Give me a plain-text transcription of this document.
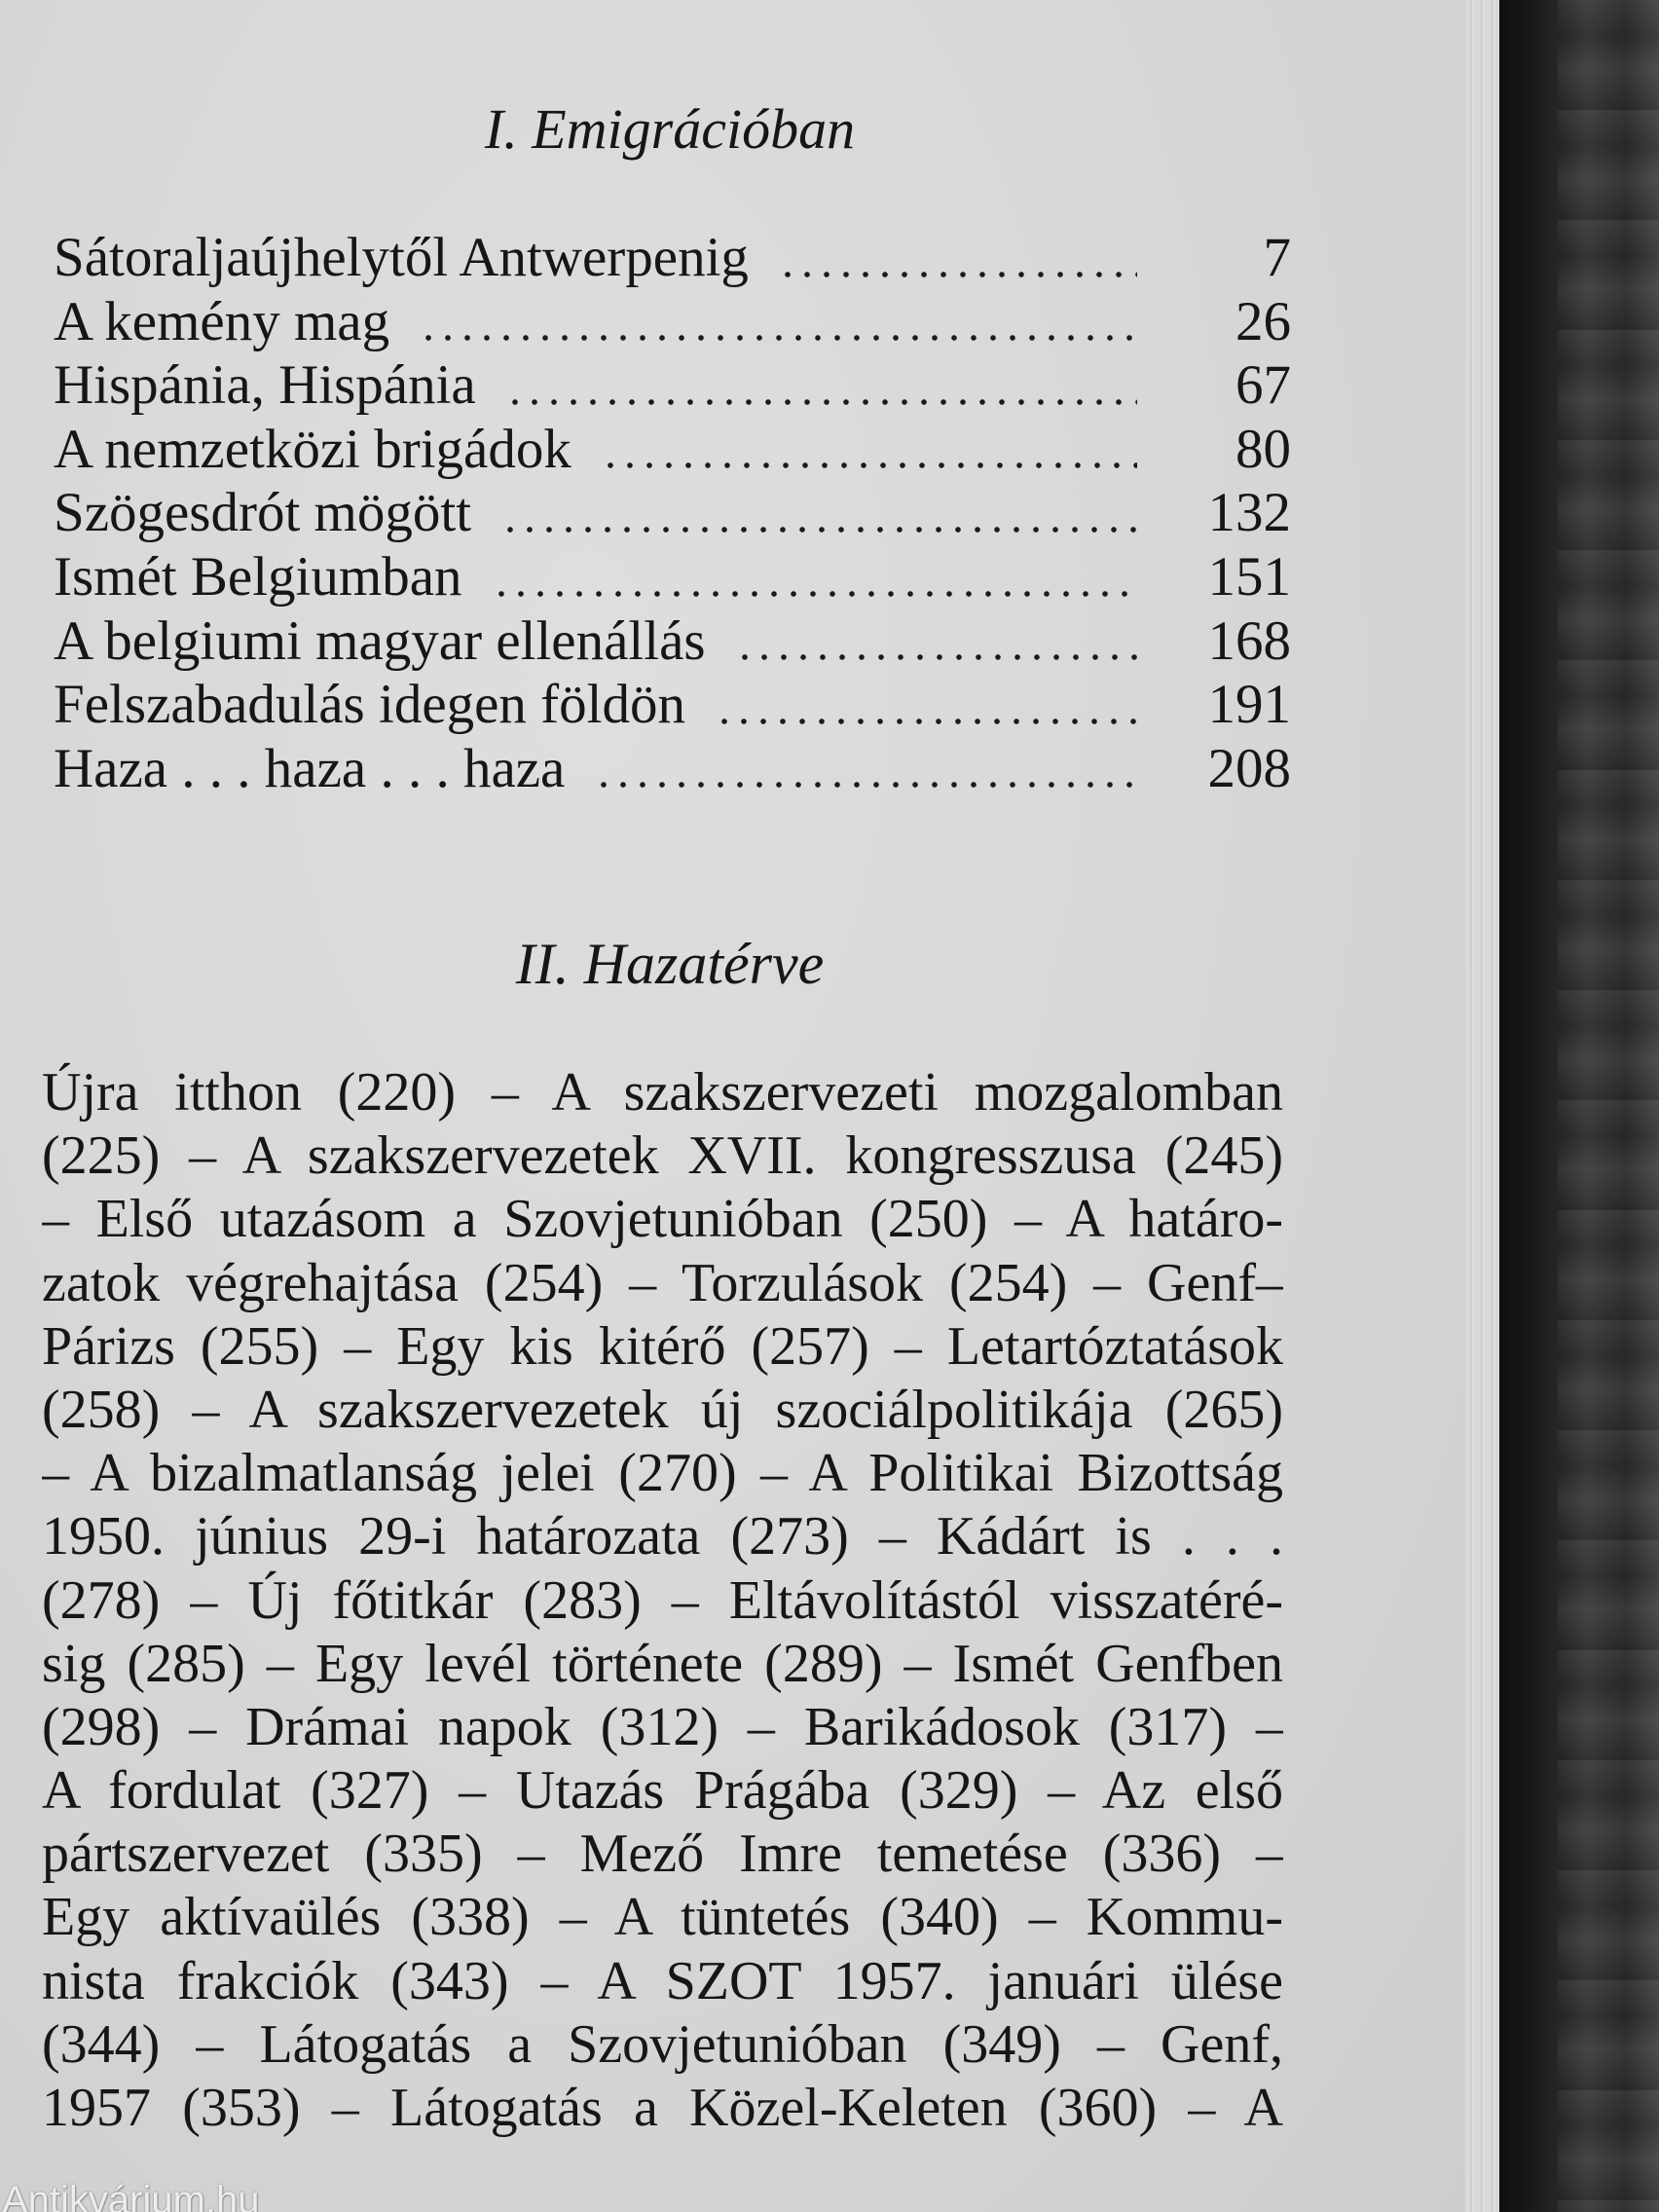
I. Emigrációban
Sátoraljaújhelytől Antwerpenig	7
A kemény mag	26
Hispánia, Hispánia	67
A nemzetközi brigádok	80
Szögesdrót mögött	132
Ismét Belgiumban	151
A belgiumi magyar ellenállás	168
Felszabadulás idegen földön	191
Haza . . . haza . . . haza	208
II. Hazatérve
Újra itthon (220) – A szakszervezeti mozgalomban
(225) – A szakszervezetek XVII. kongresszusa (245)
– Első utazásom a Szovjetunióban (250) – A határo-
zatok végrehajtása (254) – Torzulások (254) – Genf–
Párizs (255) – Egy kis kitérő (257) – Letartóztatások
(258) – A szakszervezetek új szociálpolitikája (265)
– A bizalmatlanság jelei (270) – A Politikai Bizottság
1950. június 29-i határozata (273) – Kádárt is . . .
(278) – Új főtitkár (283) – Eltávolítástól visszatéré-
sig (285) – Egy levél története (289) – Ismét Genfben
(298) – Drámai napok (312) – Barikádosok (317) –
A fordulat (327) – Utazás Prágába (329) – Az első
pártszervezet (335) – Mező Imre temetése (336) –
Egy aktívaülés (338) – A tüntetés (340) – Kommu-
nista frakciók (343) – A SZOT 1957. januári ülése
(344) – Látogatás a Szovjetunióban (349) – Genf,
1957 (353) – Látogatás a Közel-Keleten (360) – A
Antikvárium.hu
